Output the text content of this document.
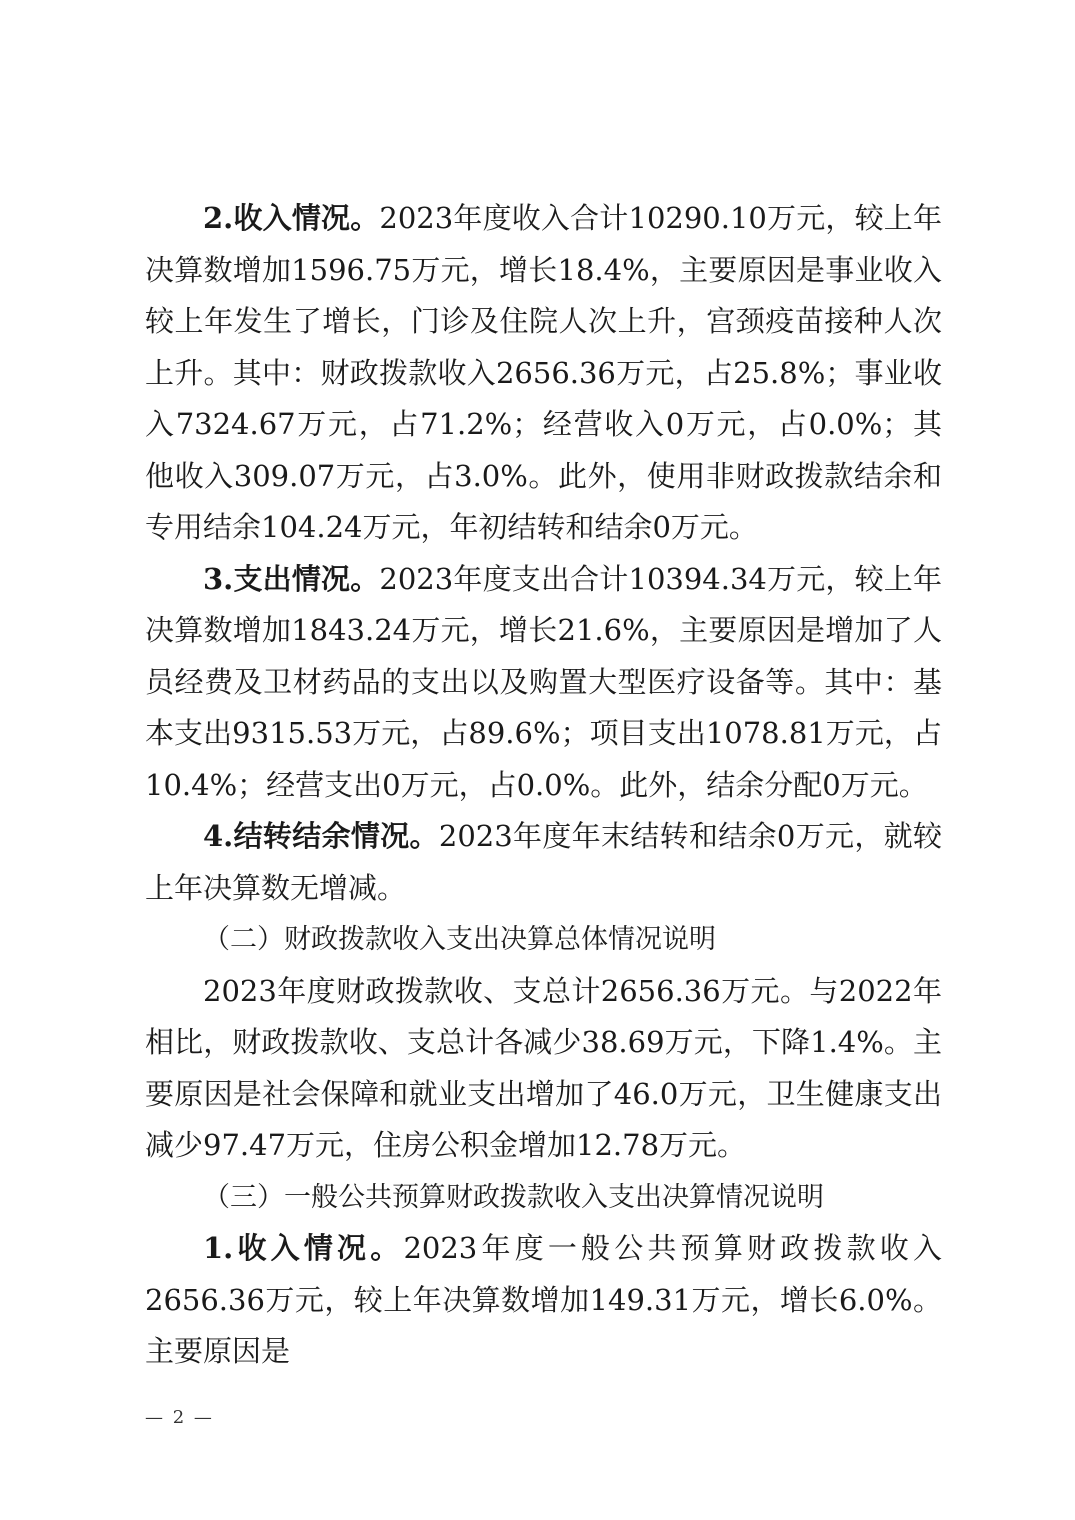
2.收入情况。2023年度收入合计10290.10万元，较上年决算数增加1596.75万元，增长18.4%，主要原因是事业收入较上年发生了增长，门诊及住院人次上升，宫颈疫苗接种人次上升。其中：财政拨款收入2656.36万元，占25.8%；事业收入7324.67万元，占71.2%；经营收入0万元，占0.0%；其他收入309.07万元，占3.0%。此外，使用非财政拨款结余和专用结余104.24万元，年初结转和结余0万元。

3.支出情况。2023年度支出合计10394.34万元，较上年决算数增加1843.24万元，增长21.6%，主要原因是增加了人员经费及卫材药品的支出以及购置大型医疗设备等。其中：基本支出9315.53万元，占89.6%；项目支出1078.81万元，占10.4%；经营支出0万元，占0.0%。此外，结余分配0万元。

4.结转结余情况。2023年度年末结转和结余0万元，就较上年决算数无增减。

（二）财政拨款收入支出决算总体情况说明

2023年度财政拨款收、支总计2656.36万元。与2022年相比，财政拨款收、支总计各减少38.69万元，下降1.4%。主要原因是社会保障和就业支出增加了46.0万元，卫生健康支出减少97.47万元，住房公积金增加12.78万元。

（三）一般公共预算财政拨款收入支出决算情况说明

1.收入情况。2023年度一般公共预算财政拨款收入2656.36万元，较上年决算数增加149.31万元，增长6.0%。主要原因是

— 2 —
